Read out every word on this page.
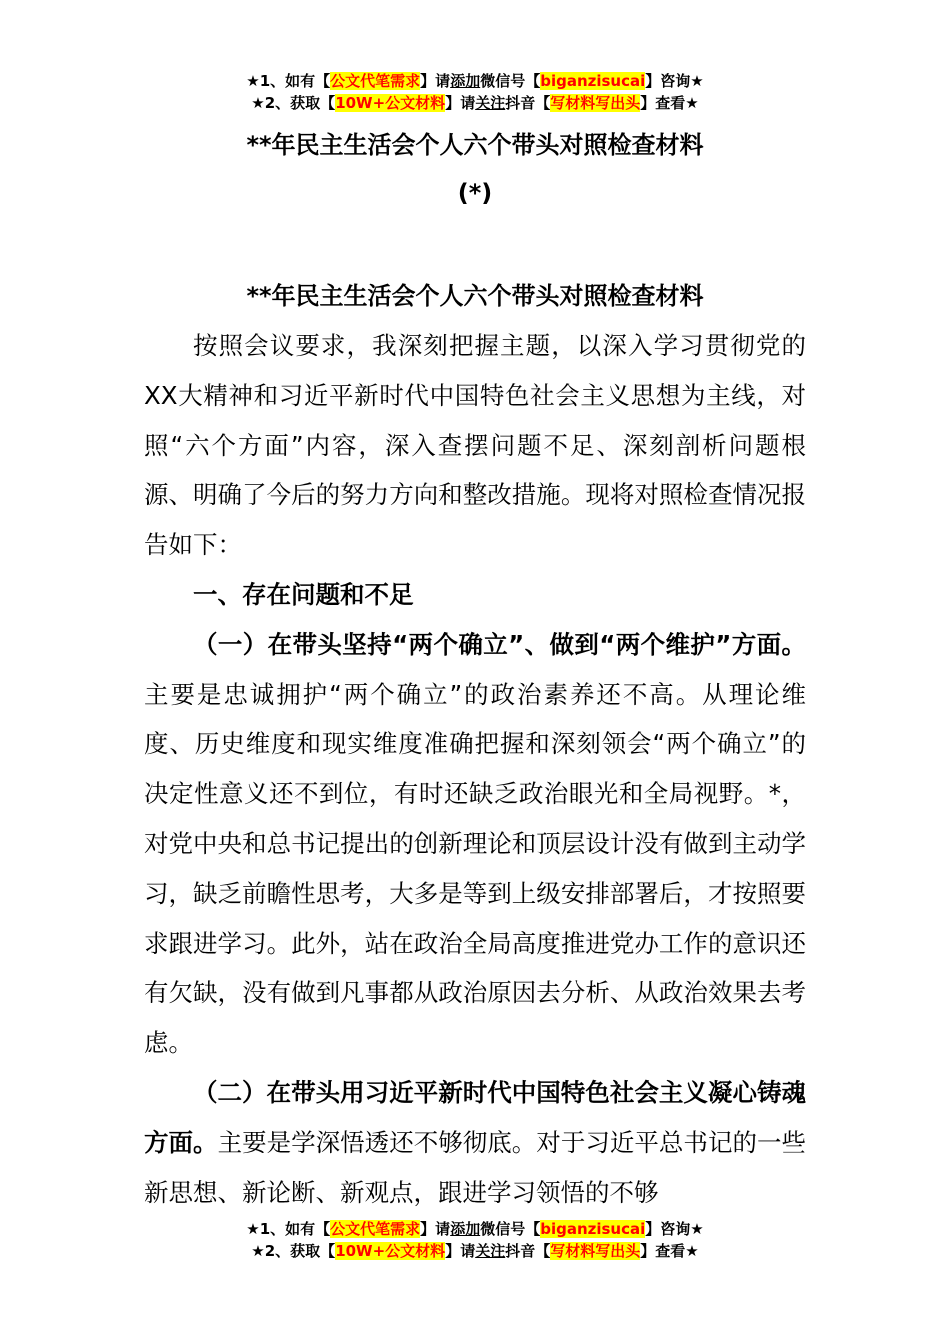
★1、如有【公文代笔需求】请添加微信号【biganzisucai】咨询★
★2、获取【10W+公文材料】请关注抖音【写材料写出头】查看★
**年民主生活会个人六个带头对照检查材料
(*)
**年民主生活会个人六个带头对照检查材料

按照会议要求，我深刻把握主题，以深入学习贯彻党的XX大精神和习近平新时代中国特色社会主义思想为主线，对照“六个方面”内容，深入查摆问题不足、深刻剖析问题根源、明确了今后的努力方向和整改措施。现将对照检查情况报告如下：

一、存在问题和不足

（一）在带头坚持“两个确立”、做到“两个维护”方面。主要是忠诚拥护“两个确立”的政治素养还不高。从理论维度、历史维度和现实维度准确把握和深刻领会“两个确立”的决定性意义还不到位，有时还缺乏政治眼光和全局视野。*，对党中央和总书记提出的创新理论和顶层设计没有做到主动学习，缺乏前瞻性思考，大多是等到上级安排部署后，才按照要求跟进学习。此外，站在政治全局高度推进党办工作的意识还有欠缺，没有做到凡事都从政治原因去分析、从政治效果去考虑。

（二）在带头用习近平新时代中国特色社会主义凝心铸魂方面。主要是学深悟透还不够彻底。对于习近平总书记的一些新思想、新论断、新观点，跟进学习领悟的不够

★1、如有【公文代笔需求】请添加微信号【biganzisucai】咨询★
★2、获取【10W+公文材料】请关注抖音【写材料写出头】查看★
